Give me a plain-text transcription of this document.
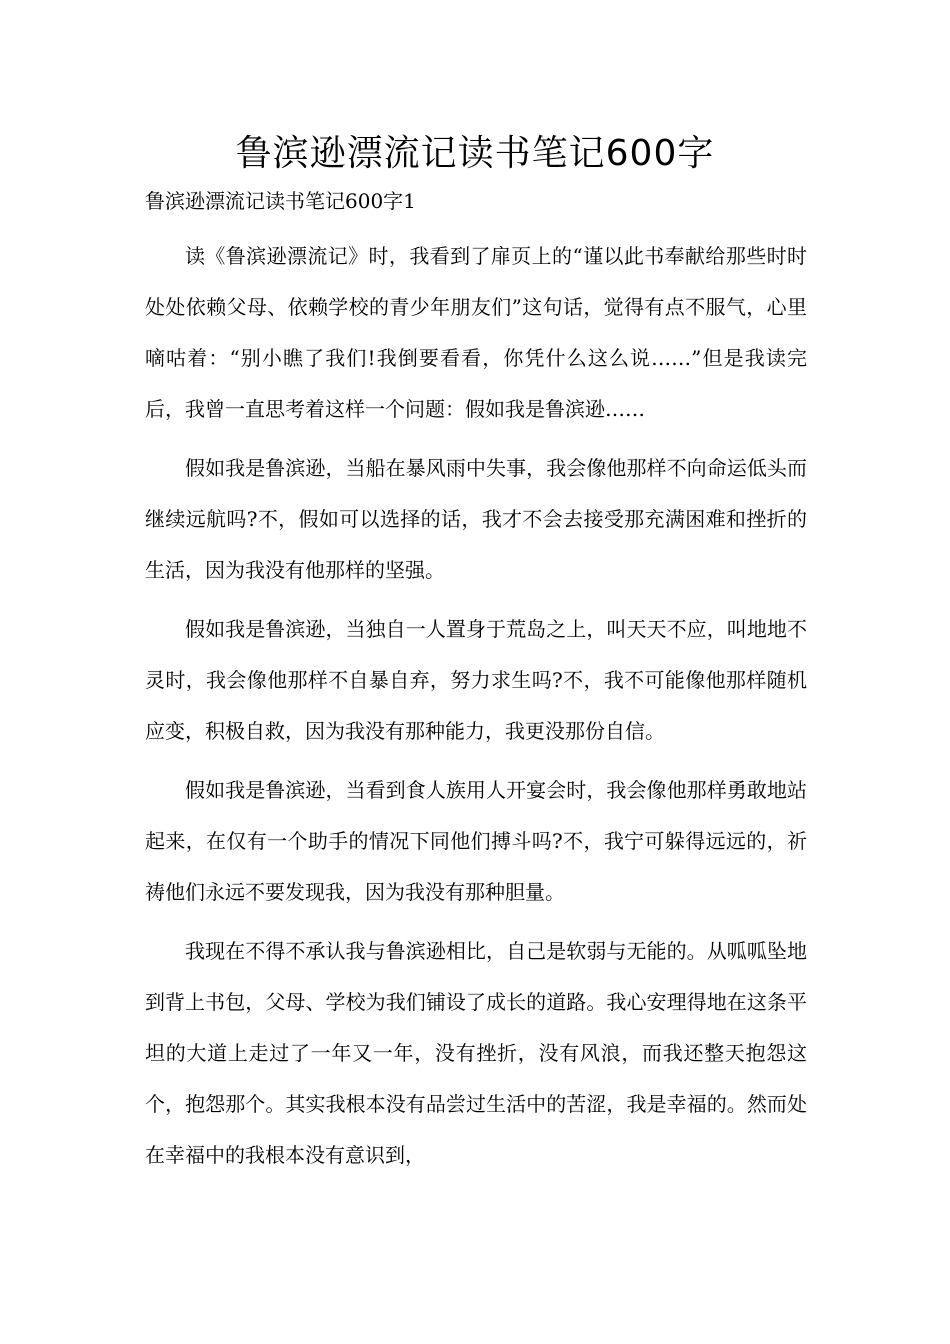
鲁滨逊漂流记读书笔记600字

鲁滨逊漂流记读书笔记600字1

读《鲁滨逊漂流记》时，我看到了扉页上的“谨以此书奉献给那些时时处处依赖父母、依赖学校的青少年朋友们”这句话，觉得有点不服气，心里嘀咕着：“别小瞧了我们!我倒要看看，你凭什么这么说……”但是我读完后，我曾一直思考着这样一个问题：假如我是鲁滨逊……

假如我是鲁滨逊，当船在暴风雨中失事，我会像他那样不向命运低头而继续远航吗?不，假如可以选择的话，我才不会去接受那充满困难和挫折的生活，因为我没有他那样的坚强。

假如我是鲁滨逊，当独自一人置身于荒岛之上，叫天天不应，叫地地不灵时，我会像他那样不自暴自弃，努力求生吗?不，我不可能像他那样随机应变，积极自救，因为我没有那种能力，我更没那份自信。

假如我是鲁滨逊，当看到食人族用人开宴会时，我会像他那样勇敢地站起来，在仅有一个助手的情况下同他们搏斗吗?不，我宁可躲得远远的，祈祷他们永远不要发现我，因为我没有那种胆量。

我现在不得不承认我与鲁滨逊相比，自己是软弱与无能的。从呱呱坠地到背上书包，父母、学校为我们铺设了成长的道路。我心安理得地在这条平坦的大道上走过了一年又一年，没有挫折，没有风浪，而我还整天抱怨这个，抱怨那个。其实我根本没有品尝过生活中的苦涩，我是幸福的。然而处在幸福中的我根本没有意识到，
